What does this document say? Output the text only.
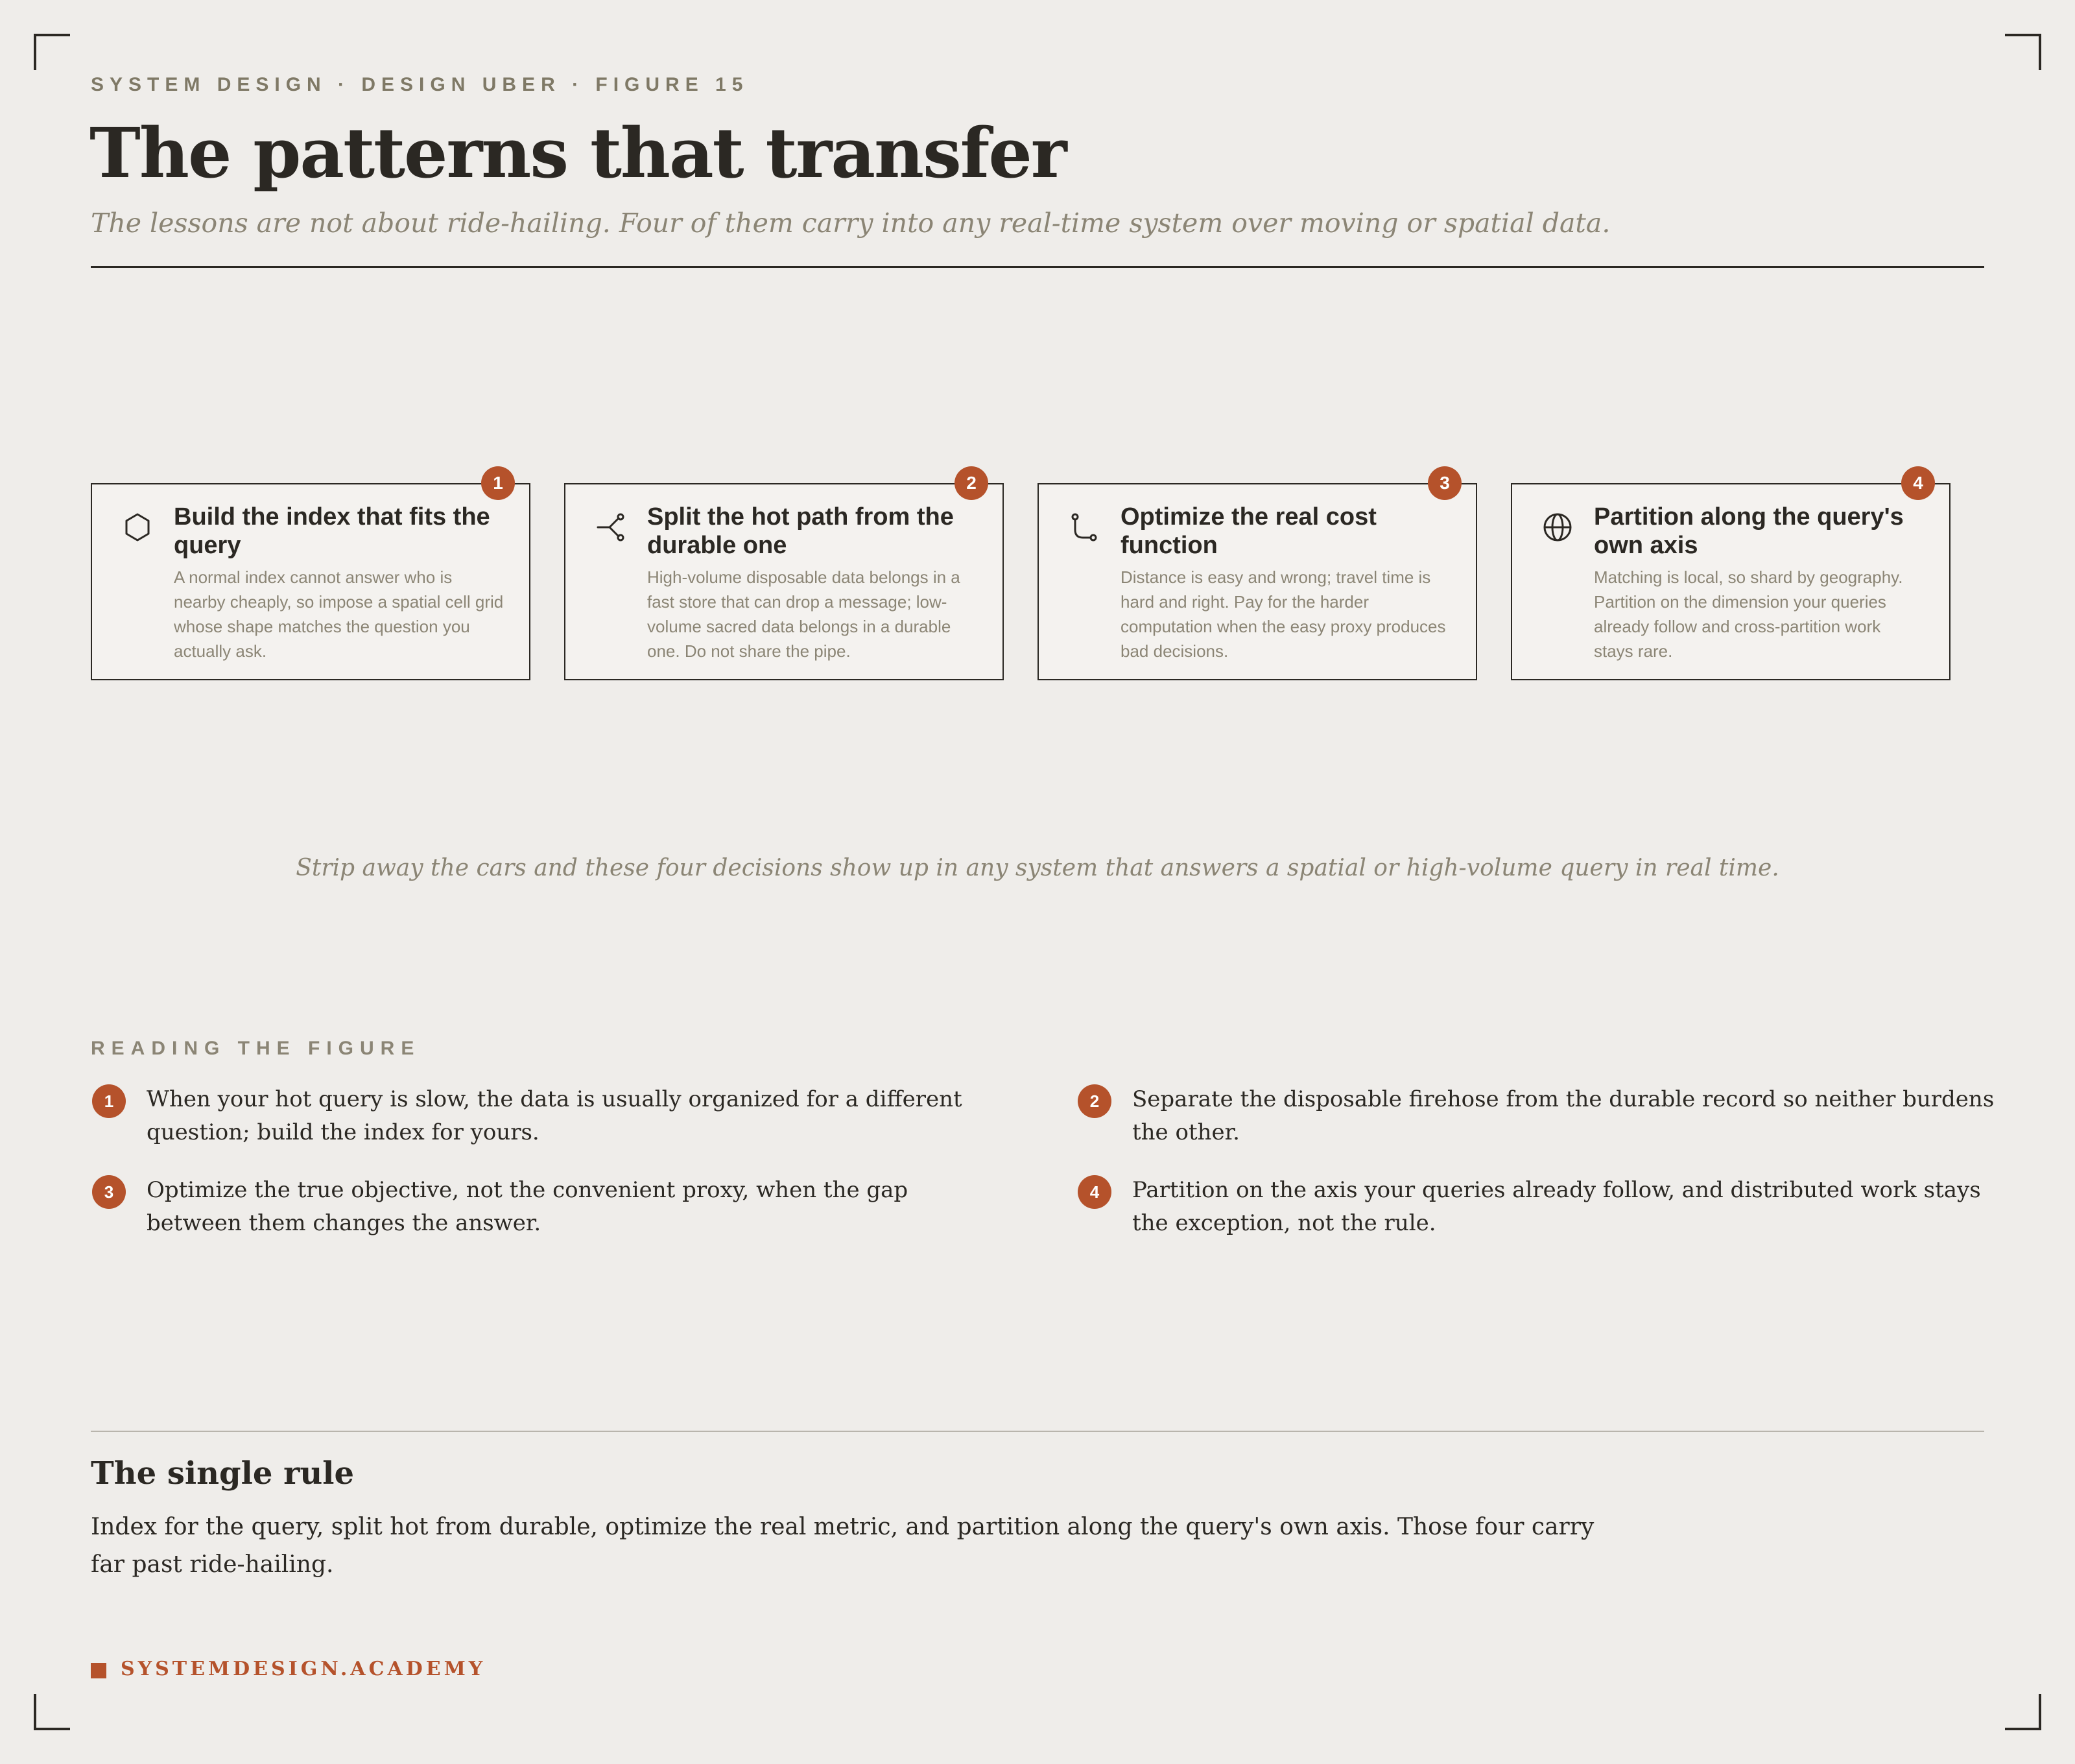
SYSTEM DESIGN · DESIGN UBER · FIGURE 15
The patterns that transfer
The lessons are not about ride-hailing. Four of them carry into any real-time system over moving or spatial data.
1
Build the index that fits the query
A normal index cannot answer who is nearby cheaply, so impose a spatial cell grid whose shape matches the question you actually ask.
2
Split the hot path from the durable one
High-volume disposable data belongs in a fast store that can drop a message; low-volume sacred data belongs in a durable one. Do not share the pipe.
3
Optimize the real cost function
Distance is easy and wrong; travel time is hard and right. Pay for the harder computation when the easy proxy produces bad decisions.
4
Partition along the query's own axis
Matching is local, so shard by geography. Partition on the dimension your queries already follow and cross-partition work stays rare.
Strip away the cars and these four decisions show up in any system that answers a spatial or high-volume query in real time.
READING THE FIGURE
1	When your hot query is slow, the data is usually organized for a different question; build the index for yours.
2	Separate the disposable firehose from the durable record so neither burdens the other.
3	Optimize the true objective, not the convenient proxy, when the gap between them changes the answer.
4	Partition on the axis your queries already follow, and distributed work stays the exception, not the rule.
The single rule
Index for the query, split hot from durable, optimize the real metric, and partition along the query's own axis. Those four carry far past ride-hailing.
SYSTEMDESIGN.ACADEMY
